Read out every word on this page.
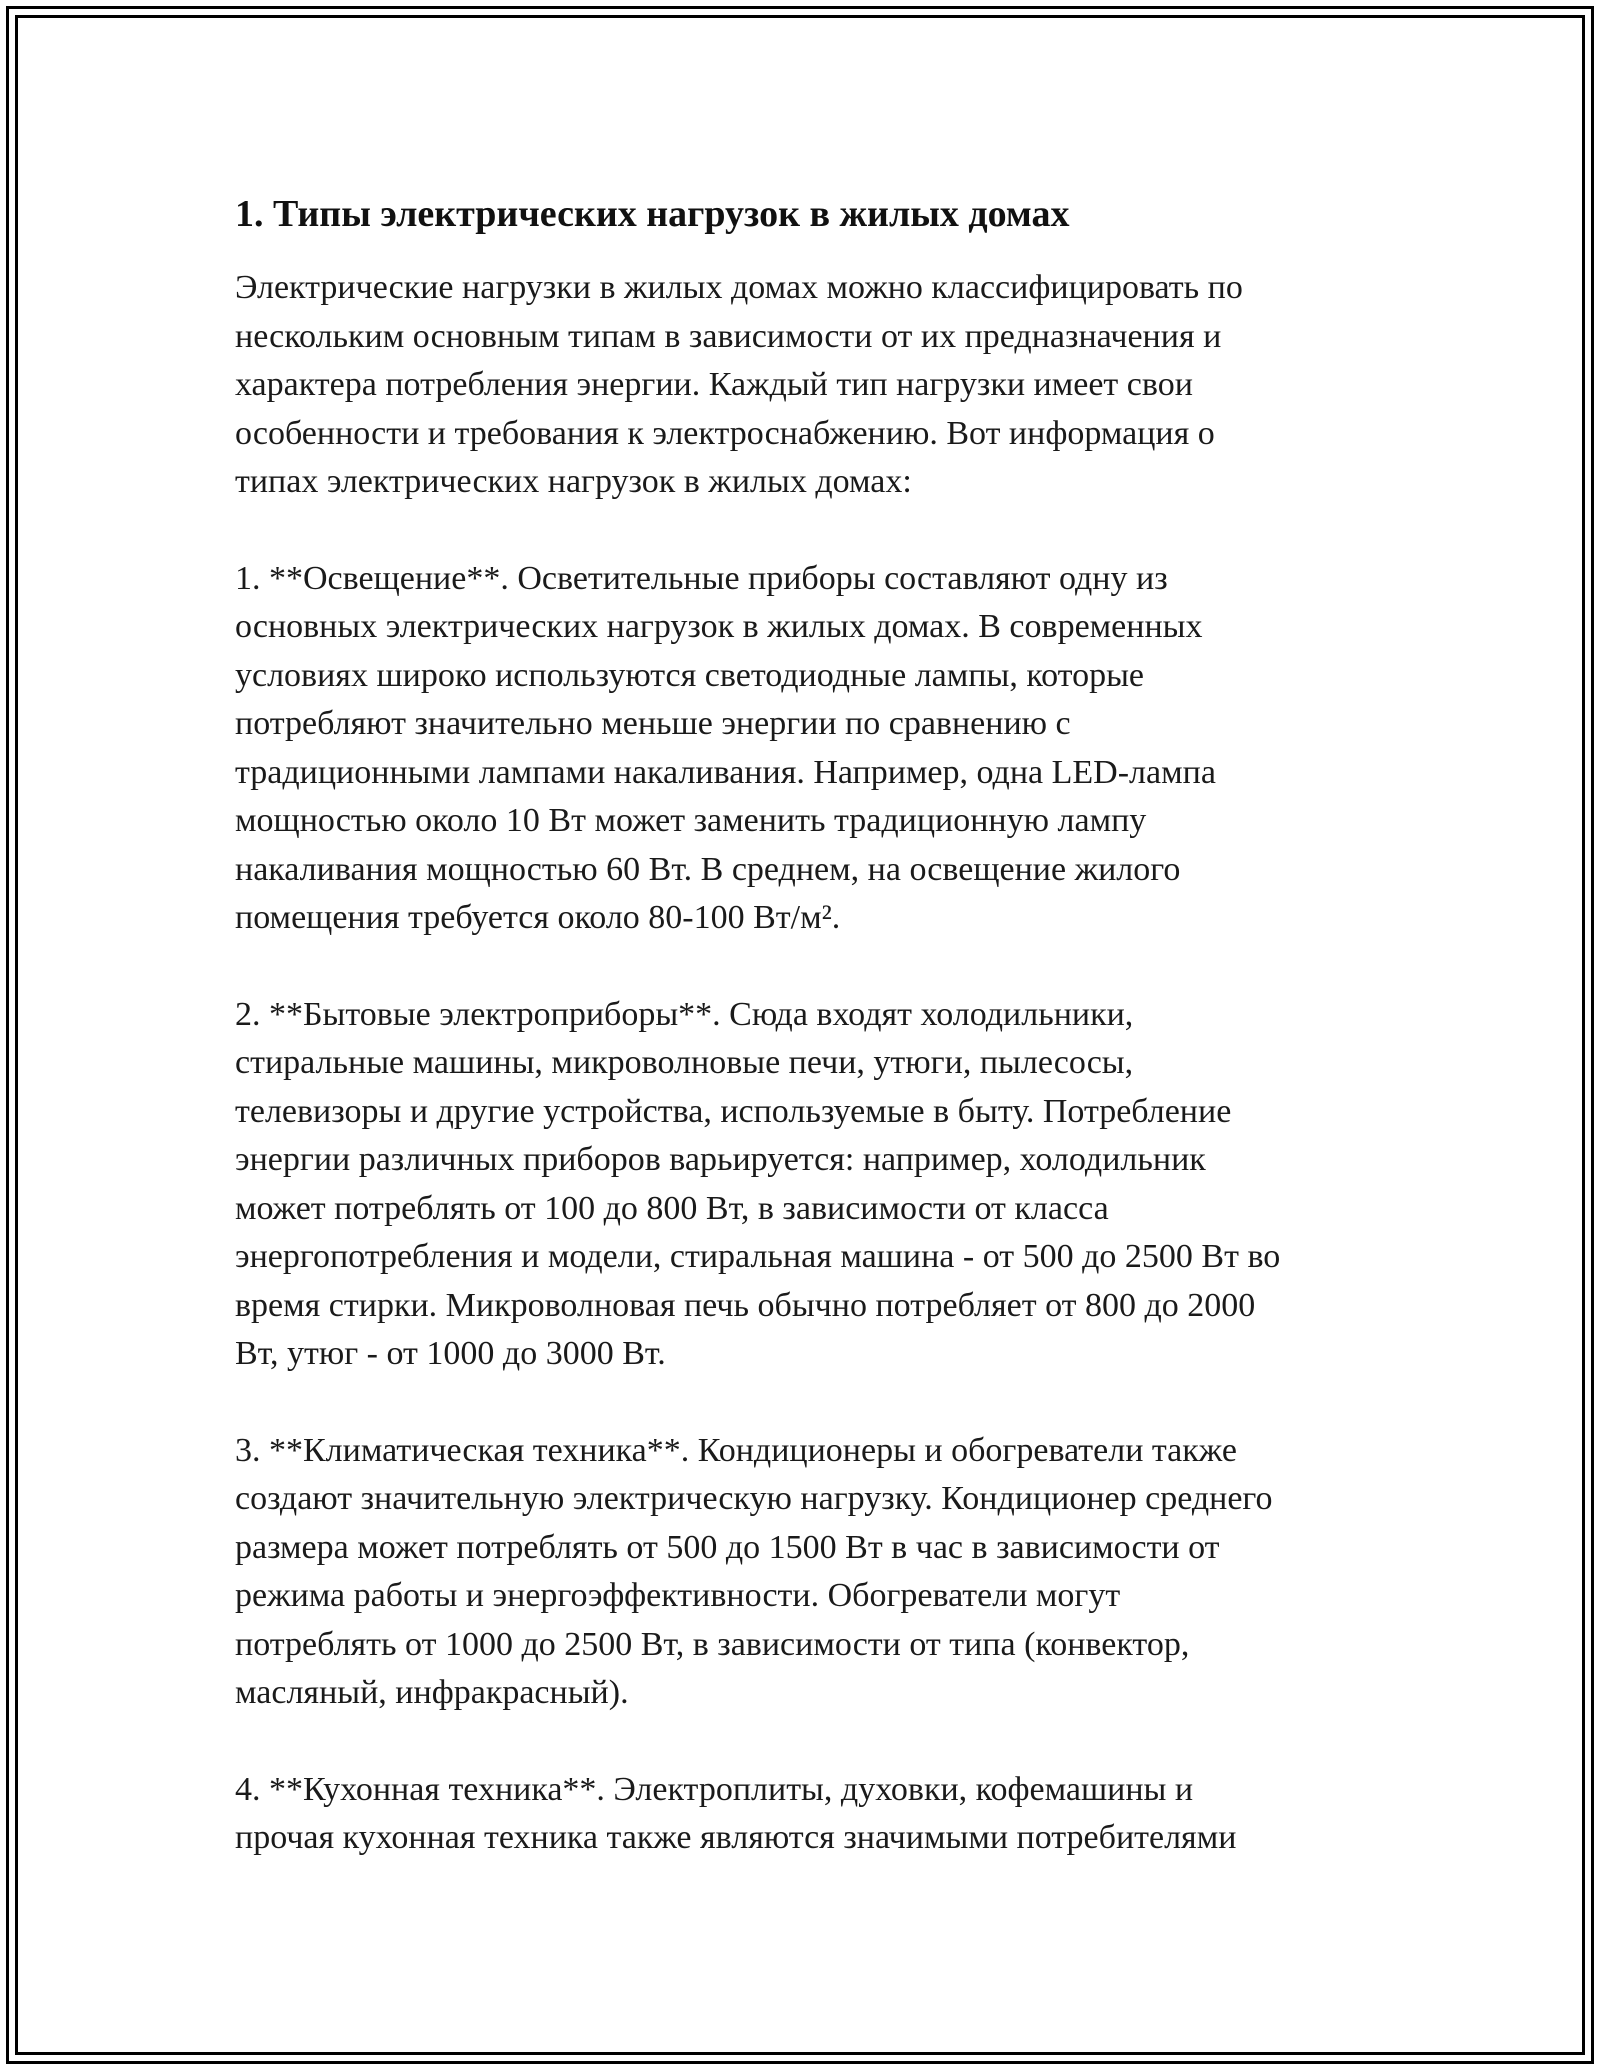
1. Типы электрических нагрузок в жилых домах

Электрические нагрузки в жилых домах можно классифицировать по
нескольким основным типам в зависимости от их предназначения и
характера потребления энергии. Каждый тип нагрузки имеет свои
особенности и требования к электроснабжению. Вот информация о
типах электрических нагрузок в жилых домах:

1. **Освещение**. Осветительные приборы составляют одну из
основных электрических нагрузок в жилых домах. В современных
условиях широко используются светодиодные лампы, которые
потребляют значительно меньше энергии по сравнению с
традиционными лампами накаливания. Например, одна LED-лампа
мощностью около 10 Вт может заменить традиционную лампу
накаливания мощностью 60 Вт. В среднем, на освещение жилого
помещения требуется около 80-100 Вт/м².

2. **Бытовые электроприборы**. Сюда входят холодильники,
стиральные машины, микроволновые печи, утюги, пылесосы,
телевизоры и другие устройства, используемые в быту. Потребление
энергии различных приборов варьируется: например, холодильник
может потреблять от 100 до 800 Вт, в зависимости от класса
энергопотребления и модели, стиральная машина - от 500 до 2500 Вт во
время стирки. Микроволновая печь обычно потребляет от 800 до 2000
Вт, утюг - от 1000 до 3000 Вт.

3. **Климатическая техника**. Кондиционеры и обогреватели также
создают значительную электрическую нагрузку. Кондиционер среднего
размера может потреблять от 500 до 1500 Вт в час в зависимости от
режима работы и энергоэффективности. Обогреватели могут
потреблять от 1000 до 2500 Вт, в зависимости от типа (конвектор,
масляный, инфракрасный).

4. **Кухонная техника**. Электроплиты, духовки, кофемашины и
прочая кухонная техника также являются значимыми потребителями
